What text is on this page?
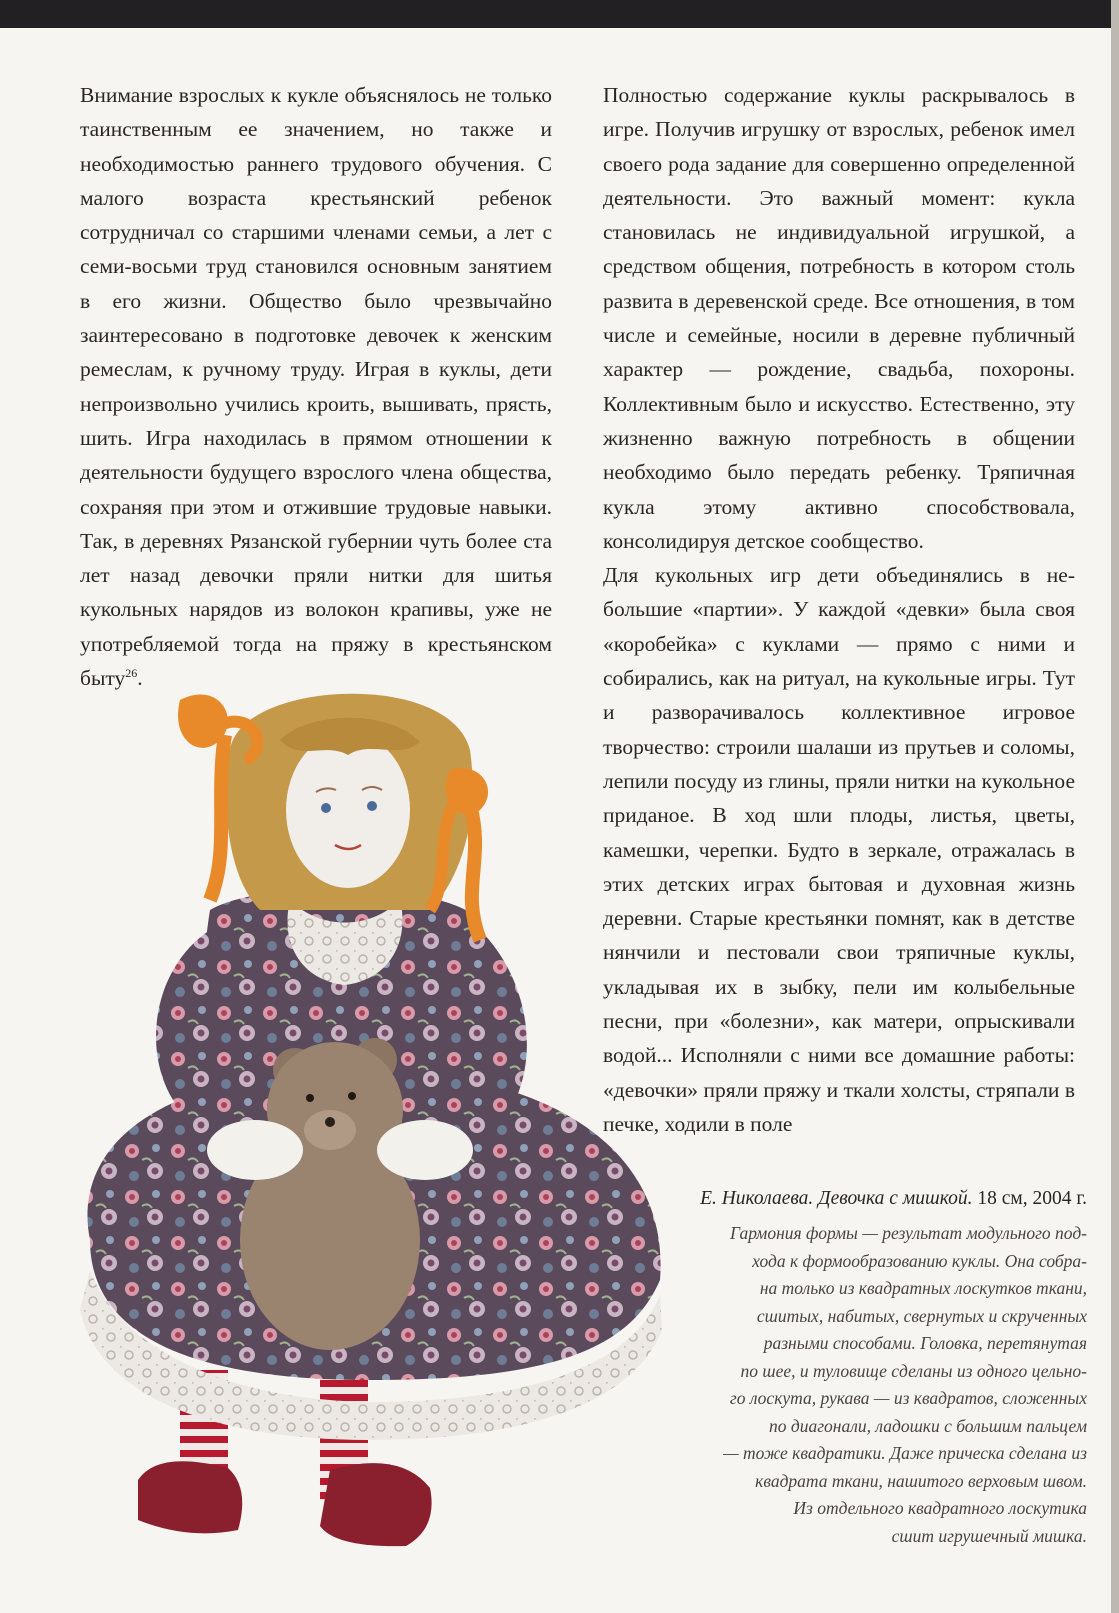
Внимание взрослых к кукле объяснялось не только таинственным ее значением, но также и необходимостью раннего трудового обучения. С малого возраста крестьянский ребенок сотрудничал со старшими членами семьи, а лет с семи-восьми труд становился основным занятием в его жизни. Общество было чрезвычайно заинтересовано в подготовке девочек к женским ремеслам, к ручному труду. Играя в куклы, дети непроизвольно учились кроить, вышивать, прясть, шить. Игра находилась в прямом отношении к деятельности будущего взрослого члена общества, сохраняя при этом и отжившие трудовые навыки. Так, в деревнях Рязанской губернии чуть более ста лет назад девочки пряли нитки для шитья кукольных нарядов из волокон крапивы, уже не употребляемой тогда на пряжу в крестьянском быту$^{26}$.

Полностью содержание куклы раскрывалось в игре. Получив игрушку от взрослых, ребенок имел своего рода задание для совершенно определенной деятельности. Это важный момент: кукла становилась не индивидуальной игрушкой, а средством общения, потребность в котором столь развита в деревенской среде. Все отношения, в том числе и семейные, носили в деревне публичный характер — рождение, свадьба, похороны. Коллективным было и искусство. Естественно, эту жизненно важную потребность в общении необходимо было передать ребенку. Тряпичная кукла этому активно способствовала, консолидируя детское сообщество.

Для кукольных игр дети объединялись в небольшие «партии». У каждой «девки» была своя «коробейка» с куклами — прямо с ними и собирались, как на ритуал, на кукольные игры. Тут и разворачивалось коллективное игровое творчество: строили шалаши из прутьев и соломы, лепили посуду из глины, пряли нитки на кукольное приданое. В ход шли плоды, листья, цветы, камешки, черепки. Будто в зеркале, отражалась в этих детских играх бытовая и духовная жизнь деревни. Старые крестьянки помнят, как в детстве нянчили и пестовали свои тряпичные куклы, укладывая их в зыбку, пели им колыбельные песни, при «болезни», как матери, опрыскивали водой... Исполняли с ними все домашние работы: «девочки» пряли пряжу и ткали холсты, стряпали в печке, ходили в поле

Е. Николаева. Девочка с мишкой. 18 см, 2004 г.

Гармония формы — результат модульного под-
хода к формообразованию куклы. Она собра-
на только из квадратных лоскутков ткани,
сшитых, набитых, свернутых и скрученных
разными способами. Головка, перетянутая
по шее, и туловище сделаны из одного цельно-
го лоскута, рукава — из квадратов, сложенных
по диагонали, ладошки с большим пальцем
— тоже квадратики. Даже прическа сделана из
квадрата ткани, нашитого верховым швом.
Из отдельного квадратного лоскутика
сшит игрушечный мишка.
